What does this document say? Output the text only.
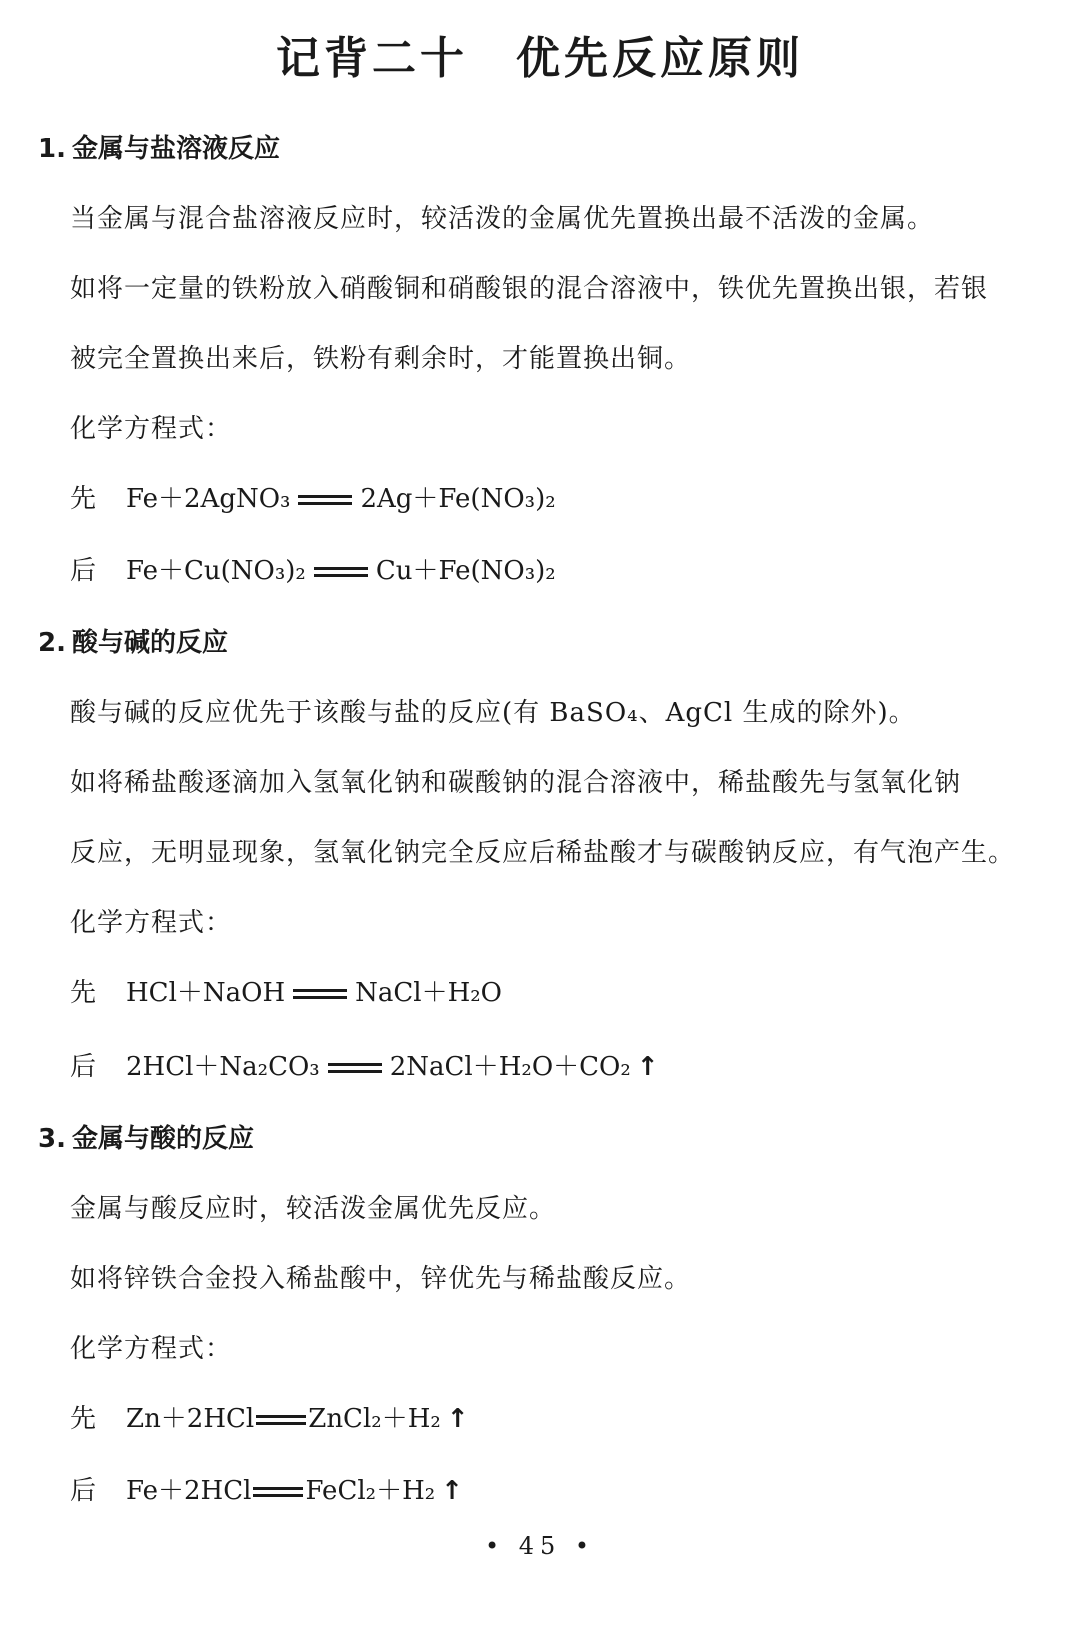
记背二十　优先反应原则
1. 金属与盐溶液反应
当金属与混合盐溶液反应时，较活泼的金属优先置换出最不活泼的金属。
如将一定量的铁粉放入硝酸铜和硝酸银的混合溶液中，铁优先置换出银，若银
被完全置换出来后，铁粉有剩余时，才能置换出铜。
化学方程式：
先 Fe＋2AgNO₃	2Ag＋Fe(NO₃)₂
后 Fe＋Cu(NO₃)₂	Cu＋Fe(NO₃)₂
2. 酸与碱的反应
酸与碱的反应优先于该酸与盐的反应(有 BaSO₄、AgCl 生成的除外)。
如将稀盐酸逐滴加入氢氧化钠和碳酸钠的混合溶液中，稀盐酸先与氢氧化钠
反应，无明显现象，氢氧化钠完全反应后稀盐酸才与碳酸钠反应，有气泡产生。
化学方程式：
先 HCl＋NaOH	NaCl＋H₂O
后 2HCl＋Na₂CO₃	2NaCl＋H₂O＋CO₂ ↑
3. 金属与酸的反应
金属与酸反应时，较活泼金属优先反应。
如将锌铁合金投入稀盐酸中，锌优先与稀盐酸反应。
化学方程式：
先 Zn＋2HCl ZnCl₂＋H₂ ↑
后 Fe＋2HCl FeCl₂＋H₂ ↑
• 45 •
